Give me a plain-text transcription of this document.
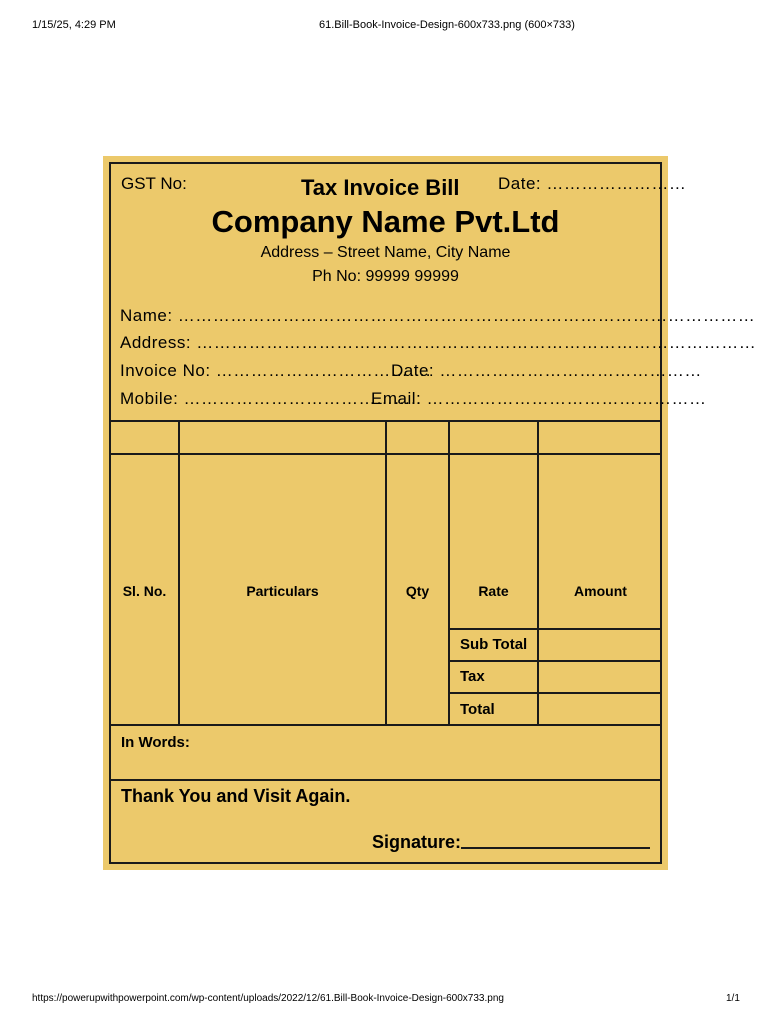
1/15/25, 4:29 PM	61.Bill-Book-Invoice-Design-600x733.png (600×733)
GST No:	Tax Invoice Bill Date: ……………………
Company Name Pvt.Ltd
Address – Street Name, City Name
Ph No: 99999 99999
Name: ………………………………………………………………………………………
Address: ……………………………………………………………………………………
Invoice No: ……………………………….
Date: ………………………………………
Mobile: …………………………………..
Email: …………………………………………
Sl. No.	Particulars	Qty	Rate	Amount
Sub Total
Tax
Total
In Words:
Thank You and Visit Again.
Signature:
https://powerupwithpowerpoint.com/wp-content/uploads/2022/12/61.Bill-Book-Invoice-Design-600x733.png	1/1
